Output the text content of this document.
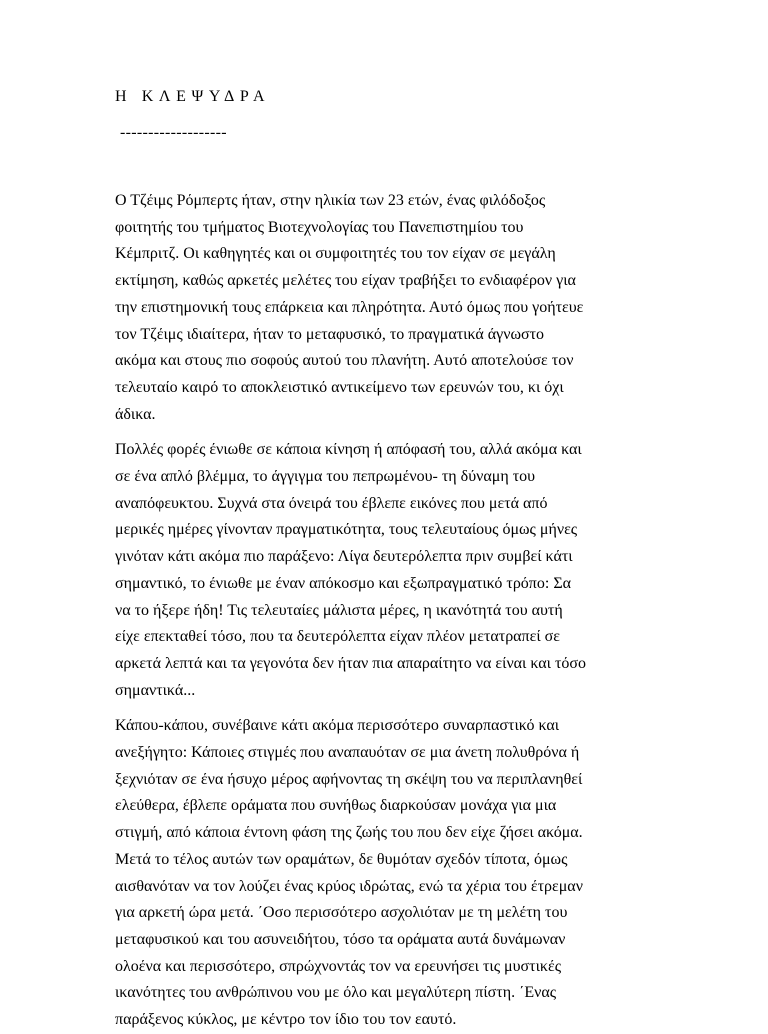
Η ΚΛΕΨΥΔΡΑ
-------------------

Ο Τζέιμς Ρόμπερτς ήταν, στην ηλικία των 23 ετών, ένας φιλόδοξος
φοιτητής του τμήματος Βιοτεχνολογίας του Πανεπιστημίου του
Κέμπριτζ. Οι καθηγητές και οι συμφοιτητές του τον είχαν σε μεγάλη
εκτίμηση, καθώς αρκετές μελέτες του είχαν τραβήξει το ενδιαφέρον για
την επιστημονική τους επάρκεια και πληρότητα. Αυτό όμως που γοήτευε
τον Τζέιμς ιδιαίτερα, ήταν το μεταφυσικό, το πραγματικά άγνωστο
ακόμα και στους πιο σοφούς αυτού του πλανήτη. Αυτό αποτελούσε τον
τελευταίο καιρό το αποκλειστικό αντικείμενο των ερευνών του, κι όχι
άδικα.

Πολλές φορές ένιωθε σε κάποια κίνηση ή απόφασή του, αλλά ακόμα και
σε ένα απλό βλέμμα, το άγγιγμα του πεπρωμένου- τη δύναμη του
αναπόφευκτου. Συχνά στα όνειρά του έβλεπε εικόνες που μετά από
μερικές ημέρες γίνονταν πραγματικότητα, τους τελευταίους όμως μήνες
γινόταν κάτι ακόμα πιο παράξενο: Λίγα δευτερόλεπτα πριν συμβεί κάτι
σημαντικό, το ένιωθε με έναν απόκοσμο και εξωπραγματικό τρόπο: Σα
να το ήξερε ήδη! Τις τελευταίες μάλιστα μέρες, η ικανότητά του αυτή
είχε επεκταθεί τόσο, που τα δευτερόλεπτα είχαν πλέον μετατραπεί σε
αρκετά λεπτά και τα γεγονότα δεν ήταν πια απαραίτητο να είναι και τόσο
σημαντικά...

Κάπου-κάπου, συνέβαινε κάτι ακόμα περισσότερο συναρπαστικό και
ανεξήγητο: Κάποιες στιγμές που αναπαυόταν σε μια άνετη πολυθρόνα ή
ξεχνιόταν σε ένα ήσυχο μέρος αφήνοντας τη σκέψη του να περιπλανηθεί
ελεύθερα, έβλεπε οράματα που συνήθως διαρκούσαν μονάχα για μια
στιγμή, από κάποια έντονη φάση της ζωής του που δεν είχε ζήσει ακόμα.
Μετά το τέλος αυτών των οραμάτων, δε θυμόταν σχεδόν τίποτα, όμως
αισθανόταν να τον λούζει ένας κρύος ιδρώτας, ενώ τα χέρια του έτρεμαν
για αρκετή ώρα μετά. ΄Οσο περισσότερο ασχολιόταν με τη μελέτη του
μεταφυσικού και του ασυνειδήτου, τόσο τα οράματα αυτά δυνάμωναν
ολοένα και περισσότερο, σπρώχνοντάς τον να ερευνήσει τις μυστικές
ικανότητες του ανθρώπινου νου με όλο και μεγαλύτερη πίστη. ΄Ενας
παράξενος κύκλος, με κέντρο τον ίδιο του τον εαυτό.
